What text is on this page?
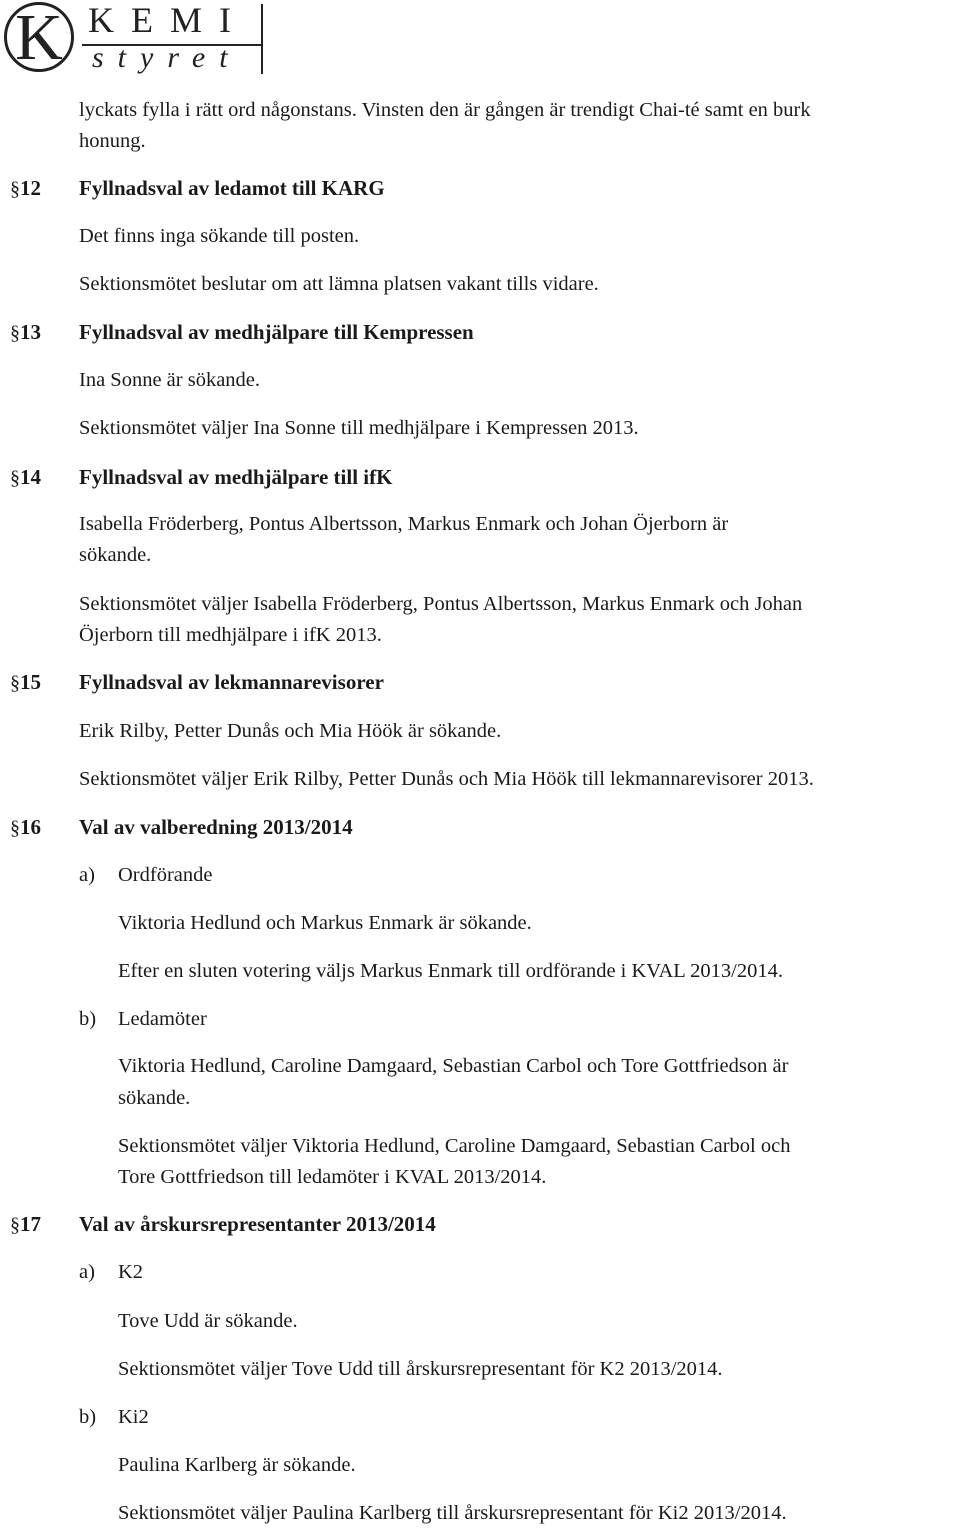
K KEMI
styret
lyckats fylla i rätt ord någonstans. Vinsten den är gången är trendigt Chai-té samt en burk
honung.
§12 Fyllnadsval av ledamot till KARG
Det finns inga sökande till posten.
Sektionsmötet beslutar om att lämna platsen vakant tills vidare.
§13 Fyllnadsval av medhjälpare till Kempressen
Ina Sonne är sökande.
Sektionsmötet väljer Ina Sonne till medhjälpare i Kempressen 2013.
§14 Fyllnadsval av medhjälpare till ifK
Isabella Fröderberg, Pontus Albertsson, Markus Enmark och Johan Öjerborn är
sökande.
Sektionsmötet väljer Isabella Fröderberg, Pontus Albertsson, Markus Enmark och Johan
Öjerborn till medhjälpare i ifK 2013.
§15 Fyllnadsval av lekmannarevisorer
Erik Rilby, Petter Dunås och Mia Höök är sökande.
Sektionsmötet väljer Erik Rilby, Petter Dunås och Mia Höök till lekmannarevisorer 2013.
§16 Val av valberedning 2013/2014
a) Ordförande
Viktoria Hedlund och Markus Enmark är sökande.
Efter en sluten votering väljs Markus Enmark till ordförande i KVAL 2013/2014.
b) Ledamöter
Viktoria Hedlund, Caroline Damgaard, Sebastian Carbol och Tore Gottfriedson är
sökande.
Sektionsmötet väljer Viktoria Hedlund, Caroline Damgaard, Sebastian Carbol och
Tore Gottfriedson till ledamöter i KVAL 2013/2014.
§17 Val av årskursrepresentanter 2013/2014
a) K2
Tove Udd är sökande.
Sektionsmötet väljer Tove Udd till årskursrepresentant för K2 2013/2014.
b) Ki2
Paulina Karlberg är sökande.
Sektionsmötet väljer Paulina Karlberg till årskursrepresentant för Ki2 2013/2014.
